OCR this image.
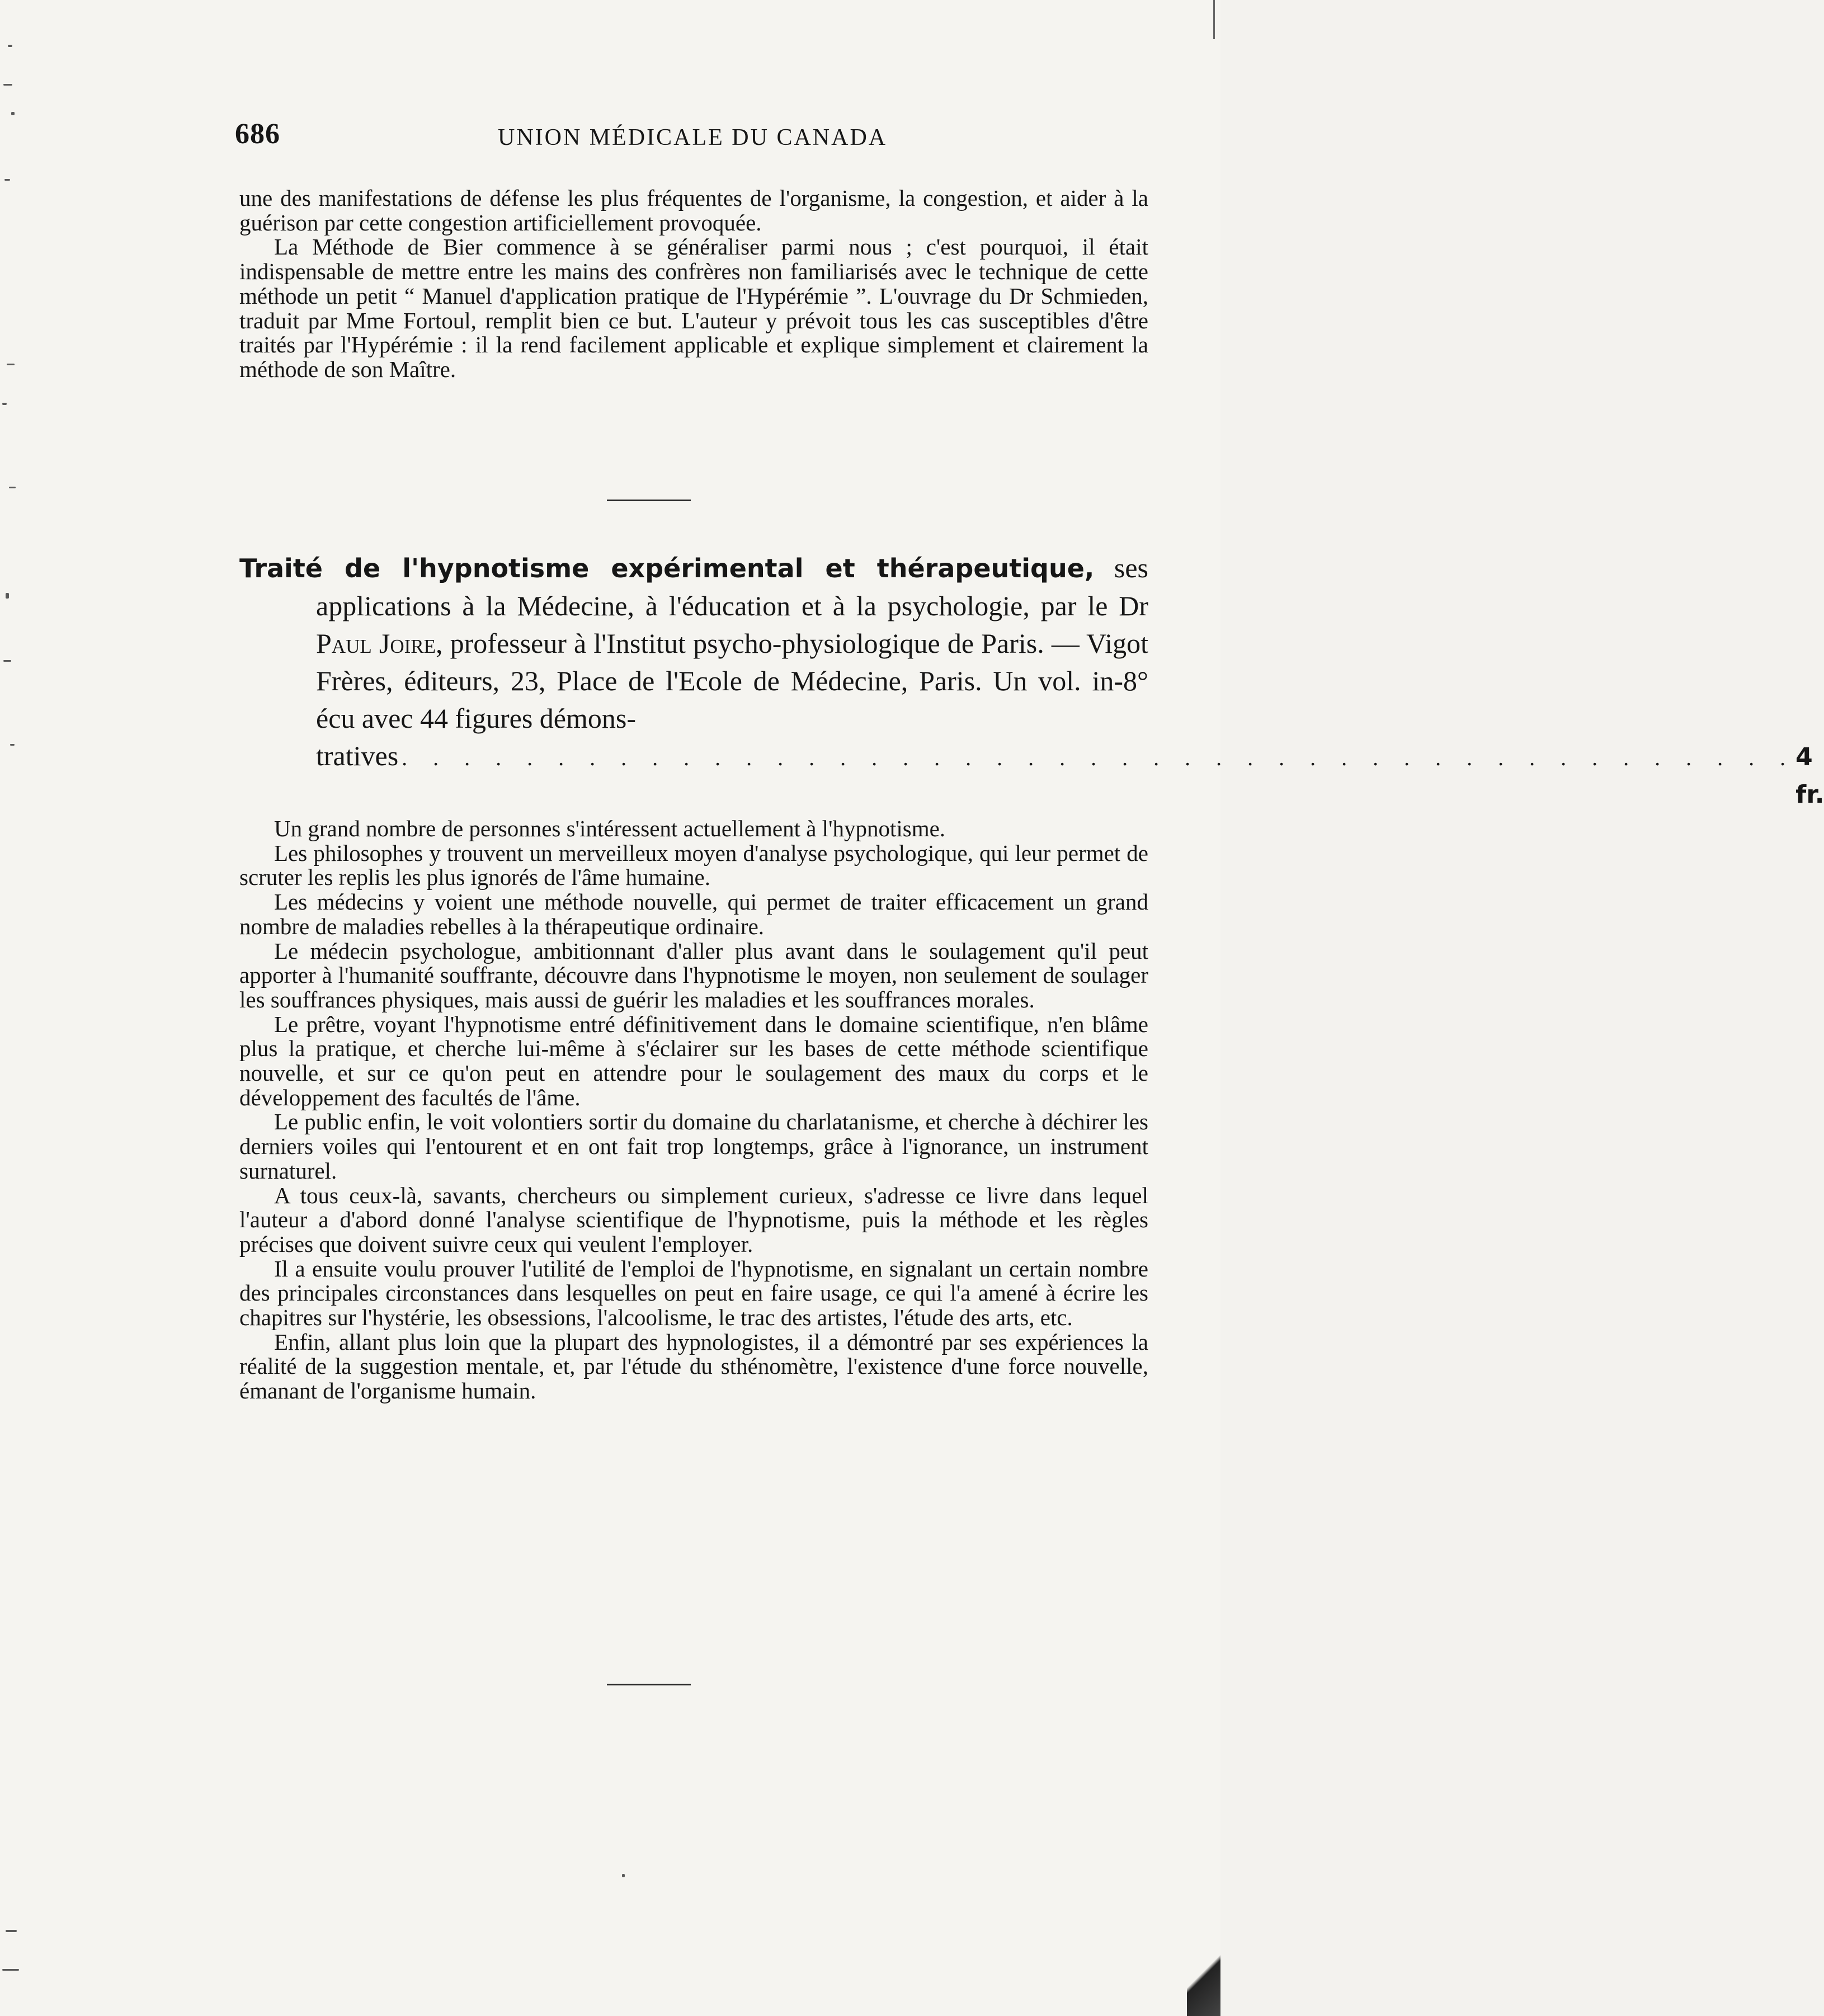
686	UNION MÉDICALE DU CANADA

une des manifestations de défense les plus fréquentes de l'organisme, la congestion, et aider à la guérison par cette congestion artificiellement provoquée.

La Méthode de Bier commence à se généraliser parmi nous ; c'est pourquoi, il était indispensable de mettre entre les mains des confrères non familiarisés avec le technique de cette méthode un petit “ Manuel d'application pratique de l'Hypérémie ”. L'ouvrage du Dr Schmieden, traduit par Mme Fortoul, remplit bien ce but. L'auteur y prévoit tous les cas susceptibles d'être traités par l'Hypérémie : il la rend facilement applicable et explique simplement et clairement la méthode de son Maître.

Traité de l'hypnotisme expérimental et thérapeutique, ses applications à la Médecine, à l'éducation et à la psychologie, par le Dr Paul Joire, professeur à l'Institut psycho-physiologique de Paris. — Vigot Frères, éditeurs, 23, Place de l'Ecole de Médecine, Paris. Un vol. in-8° écu avec 44 figures démons-
tratives . . . . . . . . . . . . . . . . . . . . . . . . . . . . . . . . . . . . . . . . . . . . . 4 fr.

Un grand nombre de personnes s'intéressent actuellement à l'hypnotisme.

Les philosophes y trouvent un merveilleux moyen d'analyse psychologique, qui leur permet de scruter les replis les plus ignorés de l'âme humaine.

Les médecins y voient une méthode nouvelle, qui permet de traiter efficacement un grand nombre de maladies rebelles à la thérapeutique ordinaire.

Le médecin psychologue, ambitionnant d'aller plus avant dans le soulagement qu'il peut apporter à l'humanité souffrante, découvre dans l'hypnotisme le moyen, non seulement de soulager les souffrances physiques, mais aussi de guérir les maladies et les souffrances morales.

Le prêtre, voyant l'hypnotisme entré définitivement dans le domaine scientifique, n'en blâme plus la pratique, et cherche lui-même à s'éclairer sur les bases de cette méthode scientifique nouvelle, et sur ce qu'on peut en attendre pour le soulagement des maux du corps et le développement des facultés de l'âme.

Le public enfin, le voit volontiers sortir du domaine du charlatanisme, et cherche à déchirer les derniers voiles qui l'entourent et en ont fait trop longtemps, grâce à l'ignorance, un instrument surnaturel.

A tous ceux-là, savants, chercheurs ou simplement curieux, s'adresse ce livre dans lequel l'auteur a d'abord donné l'analyse scientifique de l'hypnotisme, puis la méthode et les règles précises que doivent suivre ceux qui veulent l'employer.

Il a ensuite voulu prouver l'utilité de l'emploi de l'hypnotisme, en signalant un certain nombre des principales circonstances dans lesquelles on peut en faire usage, ce qui l'a amené à écrire les chapitres sur l'hystérie, les obsessions, l'alcoolisme, le trac des artistes, l'étude des arts, etc.

Enfin, allant plus loin que la plupart des hypnologistes, il a démontré par ses expériences la réalité de la suggestion mentale, et, par l'étude du sthénomètre, l'existence d'une force nouvelle, émanant de l'organisme humain.
